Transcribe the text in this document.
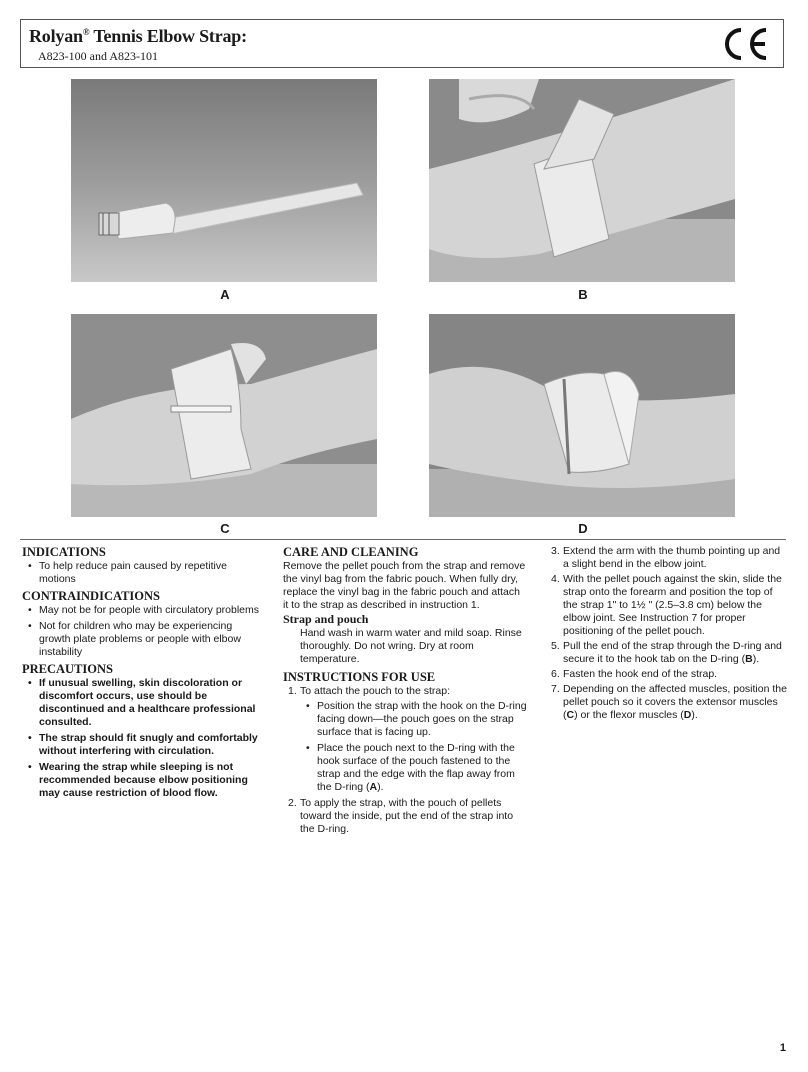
Rolyan® Tennis Elbow Strap:
A823-100 and A823-101
A	B
C	D
INDICATIONS
• To help reduce pain caused by repetitive motions
CONTRAINDICATIONS
• May not be for people with circulatory problems
• Not for children who may be experiencing growth plate problems or people with elbow instability
PRECAUTIONS
• If unusual swelling, skin discoloration or discomfort occurs, use should be discontinued and a healthcare professional consulted.
• The strap should fit snugly and comfortably without interfering with circulation.
• Wearing the strap while sleeping is not recommended because elbow positioning may cause restriction of blood flow.
CARE AND CLEANING

Remove the pellet pouch from the strap and remove the vinyl bag from the fabric pouch. When fully dry, replace the vinyl bag in the fabric pouch and attach it to the strap as described in instruction 1.

Strap and pouch

Hand wash in warm water and mild soap. Rinse thoroughly. Do not wring. Dry at room temperature.

INSTRUCTIONS FOR USE
1. To attach the pouch to the strap:
• Position the strap with the hook on the D-ring facing down—the pouch goes on the strap surface that is facing up.
• Place the pouch next to the D-ring with the hook surface of the pouch fastened to the strap and the edge with the flap away from the D-ring (A).
2. To apply the strap, with the pouch of pellets toward the inside, put the end of the strap into the D-ring.
3. Extend the arm with the thumb pointing up and a slight bend in the elbow joint.
4. With the pellet pouch against the skin, slide the strap onto the forearm and position the top of the strap 1" to 1½ " (2.5–3.8 cm) below the elbow joint. See Instruction 7 for proper positioning of the pellet pouch.
5. Pull the end of the strap through the D-ring and secure it to the hook tab on the D-ring (B).
6. Fasten the hook end of the strap.
7. Depending on the affected muscles, position the pellet pouch so it covers the extensor muscles (C) or the flexor muscles (D).
1
